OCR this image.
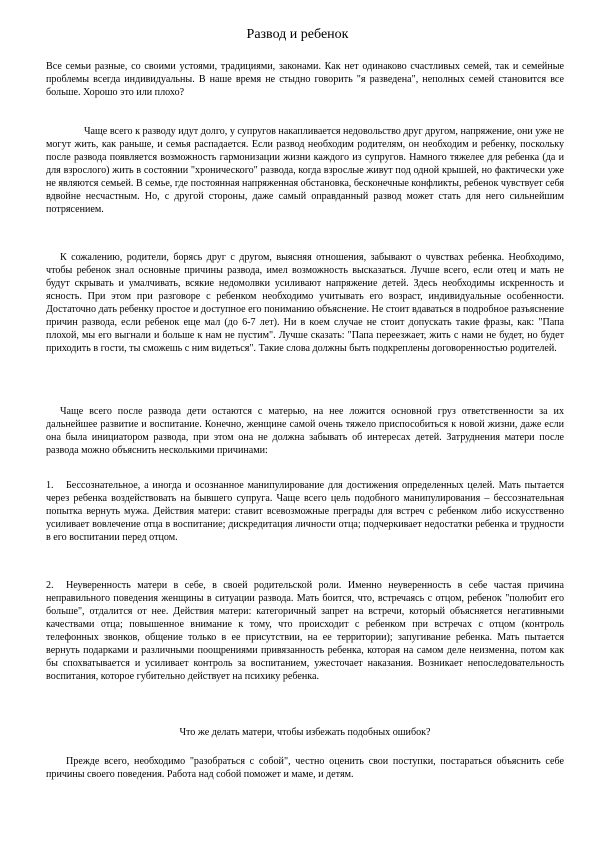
Развод и ребенок

Все семьи разные, со своими устоями, традициями, законами. Как нет одинаково счастливых семей, так и семейные проблемы всегда индивидуальны. В наше время не стыдно говорить "я разведена", неполных семей становится все больше. Хорошо это или плохо?

Чаще всего к разводу идут долго, у супругов накапливается недовольство друг другом, напряжение, они уже не могут жить, как раньше, и семья распадается. Если развод необходим родителям, он необходим и ребенку, поскольку после развода появляется возможность гармонизации жизни каждого из супругов. Намного тяжелее для ребенка (да и для взрослого) жить в состоянии "хронического" развода, когда взрослые живут под одной крышей, но фактически уже не являются семьей. В семье, где постоянная напряженная обстановка, бесконечные конфликты, ребенок чувствует себя вдвойне несчастным. Но, с другой стороны, даже самый оправданный развод может стать для него сильнейшим потрясением.

К сожалению, родители, борясь друг с другом, выясняя отношения, забывают о чувствах ребенка. Необходимо, чтобы ребенок знал основные причины развода, имел возможность высказаться. Лучше всего, если отец и мать не будут скрывать и умалчивать, всякие недомолвки усиливают напряжение детей. Здесь необходимы искренность и ясность. При этом при разговоре с ребенком необходимо учитывать его возраст, индивидуальные особенности. Достаточно дать ребенку простое и доступное его пониманию объяснение. Не стоит вдаваться в подробное разъяснение причин развода, если ребенок еще мал (до 6-7 лет). Ни в коем случае не стоит допускать такие фразы, как: "Папа плохой, мы его выгнали и больше к нам не пустим". Лучше сказать: "Папа переезжает, жить с нами не будет, но будет приходить в гости, ты сможешь с ним видеться". Такие слова должны быть подкреплены договоренностью родителей.

Чаще всего после развода дети остаются с матерью, на нее ложится основной груз ответственности за их дальнейшее развитие и воспитание. Конечно, женщине самой очень тяжело приспособиться к новой жизни, даже если она была инициатором развода, при этом она не должна забывать об интересах детей. Затруднения матери после развода можно объяснить несколькими причинами:

1. Бессознательное, а иногда и осознанное манипулирование для достижения определенных целей. Мать пытается через ребенка воздействовать на бывшего супруга. Чаще всего цель подобного манипулирования – бессознательная попытка вернуть мужа. Действия матери: ставит всевозможные преграды для встреч с ребенком либо искусственно усиливает вовлечение отца в воспитание; дискредитация личности отца; подчеркивает недостатки ребенка и трудности в его воспитании перед отцом.

2. Неуверенность матери в себе, в своей родительской роли. Именно неуверенность в себе частая причина неправильного поведения женщины в ситуации развода. Мать боится, что, встречаясь с отцом, ребенок "полюбит его больше", отдалится от нее. Действия матери: категоричный запрет на встречи, который объясняется негативными качествами отца; повышенное внимание к тому, что происходит с ребенком при встречах с отцом (контроль телефонных звонков, общение только в ее присутствии, на ее территории); запугивание ребенка. Мать пытается вернуть подарками и различными поощрениями привязанность ребенка, которая на самом деле неизменна, потом как бы спохватывается и усиливает контроль за воспитанием, ужесточает наказания. Возникает непоследовательность воспитания, которое губительно действует на психику ребенка.

Что же делать матери, чтобы избежать подобных ошибок?

Прежде всего, необходимо "разобраться с собой", честно оценить свои поступки, постараться объяснить себе причины своего поведения. Работа над собой поможет и маме, и детям.
